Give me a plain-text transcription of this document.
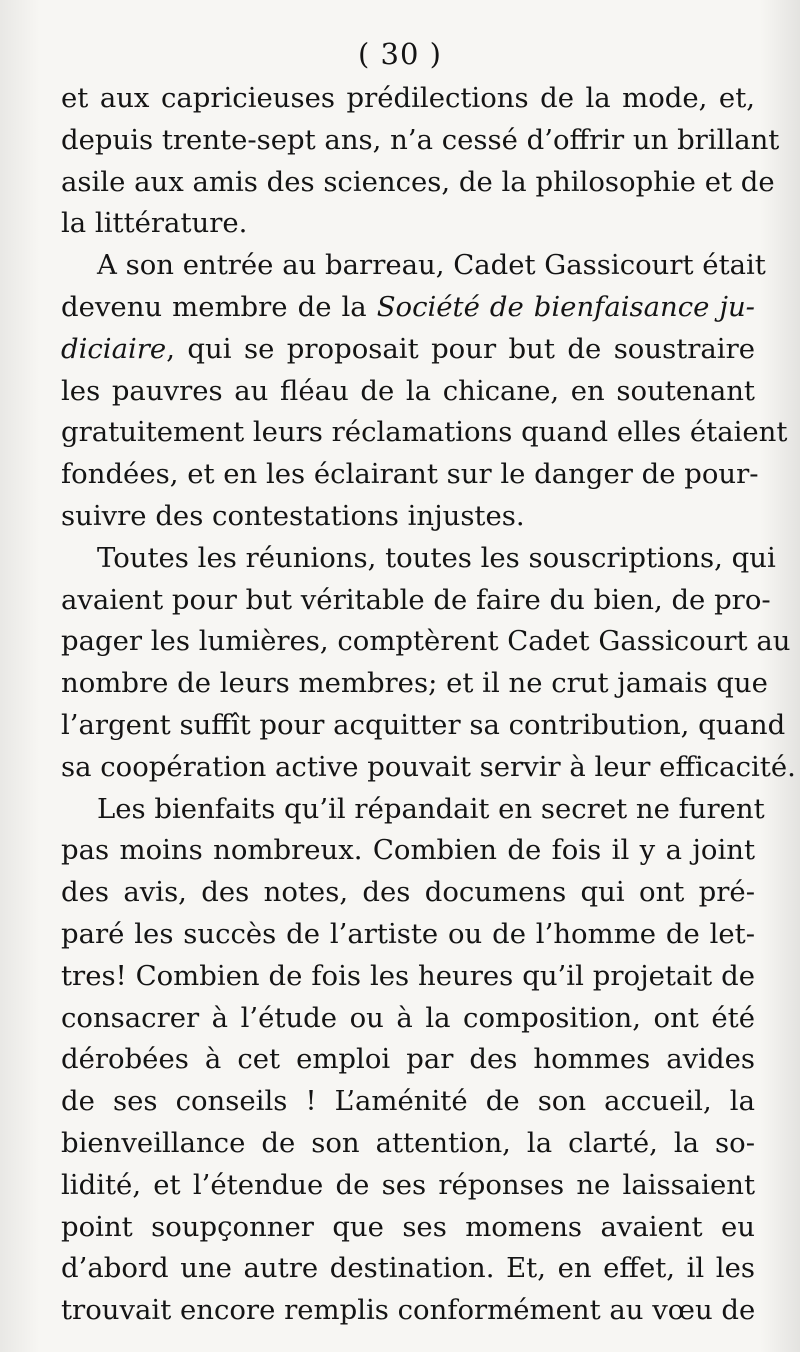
( 30 )
et aux capricieuses prédilections de la mode, et,
depuis trente-sept ans, n’a cessé d’offrir un brillant
asile aux amis des sciences, de la philosophie et de
la littérature.
A son entrée au barreau, Cadet Gassicourt était
devenu membre de la Société de bienfaisance ju-
diciaire, qui se proposait pour but de soustraire
les pauvres au fléau de la chicane, en soutenant
gratuitement leurs réclamations quand elles étaient
fondées, et en les éclairant sur le danger de pour-
suivre des contestations injustes.
Toutes les réunions, toutes les souscriptions, qui
avaient pour but véritable de faire du bien, de pro-
pager les lumières, comptèrent Cadet Gassicourt au
nombre de leurs membres; et il ne crut jamais que
l’argent suffît pour acquitter sa contribution, quand
sa coopération active pouvait servir à leur efficacité.
Les bienfaits qu’il répandait en secret ne furent
pas moins nombreux. Combien de fois il y a joint
des avis, des notes, des documens qui ont pré-
paré les succès de l’artiste ou de l’homme de let-
tres! Combien de fois les heures qu’il projetait de
consacrer à l’étude ou à la composition, ont été
dérobées à cet emploi par des hommes avides
de ses conseils ! L’aménité de son accueil, la
bienveillance de son attention, la clarté, la so-
lidité, et l’étendue de ses réponses ne laissaient
point soupçonner que ses momens avaient eu
d’abord une autre destination. Et, en effet, il les
trouvait encore remplis conformément au vœu de
